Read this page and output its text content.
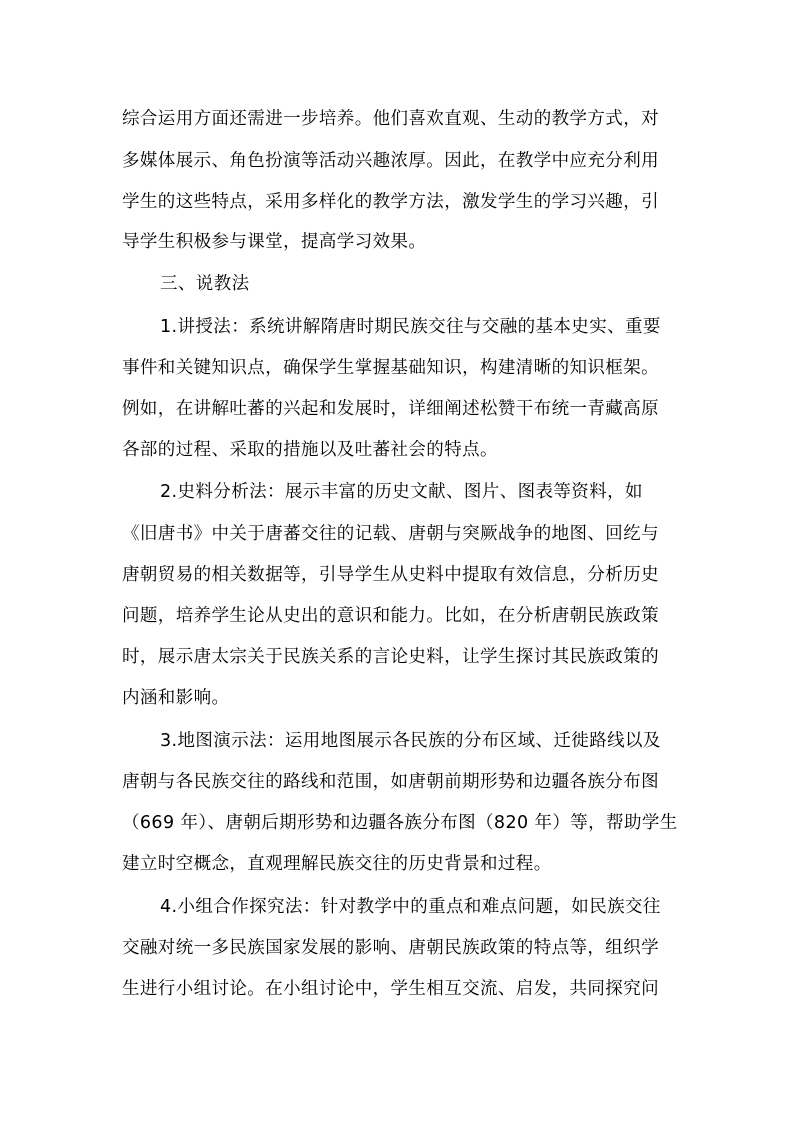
综合运用方面还需进一步培养。他们喜欢直观、生动的教学方式，对
多媒体展示、角色扮演等活动兴趣浓厚。因此，在教学中应充分利用
学生的这些特点，采用多样化的教学方法，激发学生的学习兴趣，引
导学生积极参与课堂，提高学习效果。
三、说教法
1.讲授法：系统讲解隋唐时期民族交往与交融的基本史实、重要
事件和关键知识点，确保学生掌握基础知识，构建清晰的知识框架。
例如，在讲解吐蕃的兴起和发展时，详细阐述松赞干布统一青藏高原
各部的过程、采取的措施以及吐蕃社会的特点。
2.史料分析法：展示丰富的历史文献、图片、图表等资料，如
《旧唐书》中关于唐蕃交往的记载、唐朝与突厥战争的地图、回纥与
唐朝贸易的相关数据等，引导学生从史料中提取有效信息，分析历史
问题，培养学生论从史出的意识和能力。比如，在分析唐朝民族政策
时，展示唐太宗关于民族关系的言论史料，让学生探讨其民族政策的
内涵和影响。
3.地图演示法：运用地图展示各民族的分布区域、迁徙路线以及
唐朝与各民族交往的路线和范围，如唐朝前期形势和边疆各族分布图
（669 年）、唐朝后期形势和边疆各族分布图（820 年）等，帮助学生
建立时空概念，直观理解民族交往的历史背景和过程。
4.小组合作探究法：针对教学中的重点和难点问题，如民族交往
交融对统一多民族国家发展的影响、唐朝民族政策的特点等，组织学
生进行小组讨论。在小组讨论中，学生相互交流、启发，共同探究问
